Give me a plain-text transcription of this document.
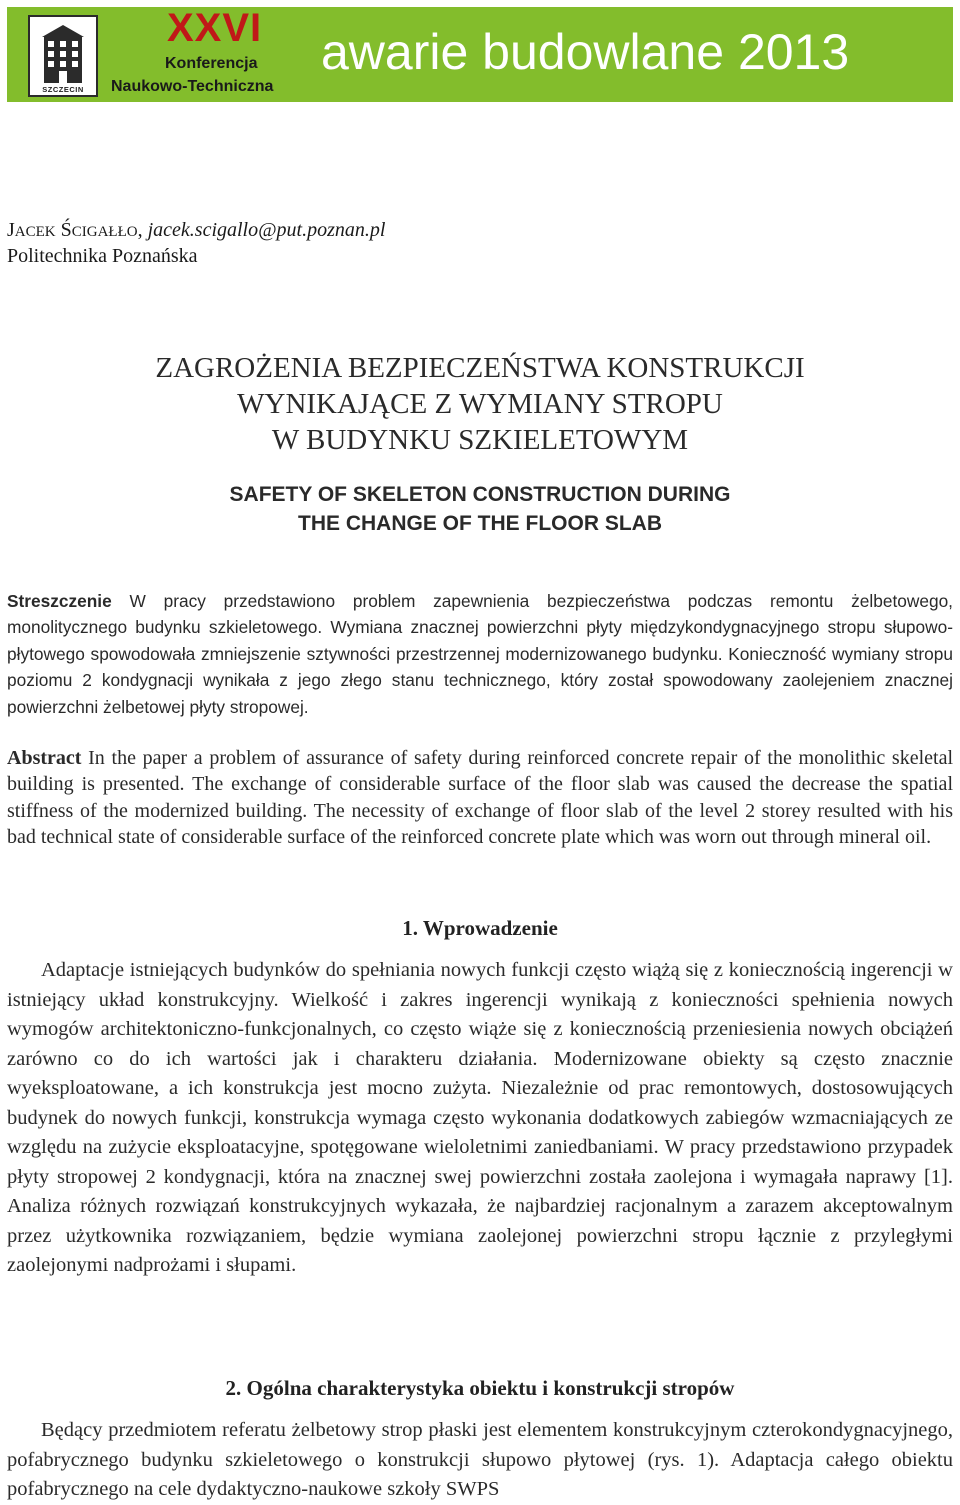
SZCZECIN
XXVI
Konferencja
Naukowo-Techniczna
awarie budowlane 2013
JACEK ŚCIGAŁŁO, jacek.scigallo@put.poznan.pl
Politechnika Poznańska
ZAGROŻENIA BEZPIECZEŃSTWA KONSTRUKCJI
WYNIKAJĄCE Z WYMIANY STROPU
W BUDYNKU SZKIELETOWYM
SAFETY OF SKELETON CONSTRUCTION DURING
THE CHANGE OF THE FLOOR SLAB
Streszczenie W pracy przedstawiono problem zapewnienia bezpieczeństwa podczas remontu żelbetowego, monolitycznego budynku szkieletowego. Wymiana znacznej powierzchni płyty międzykondygnacyjnego stropu słupowo-płytowego spowodowała zmniejszenie sztywności przestrzennej modernizowanego budynku. Konieczność wymiany stropu poziomu 2 kondygnacji wynikała z jego złego stanu technicznego, który został spowodowany zaolejeniem znacznej powierzchni żelbetowej płyty stropowej.
Abstract In the paper a problem of assurance of safety during reinforced concrete repair of the monolithic skeletal building is presented. The exchange of considerable surface of the floor slab was caused the decrease the spatial stiffness of the modernized building. The necessity of exchange of floor slab of the level 2 storey resulted with his bad technical state of considerable surface of the reinforced concrete plate which was worn out through mineral oil.
1. Wprowadzenie
Adaptacje istniejących budynków do spełniania nowych funkcji często wiążą się z koniecznością ingerencji w istniejący układ konstrukcyjny. Wielkość i zakres ingerencji wynikają z konieczności spełnienia nowych wymogów architektoniczno-funkcjonalnych, co często wiąże się z koniecznością przeniesienia nowych obciążeń zarówno co do ich wartości jak i charakteru działania. Modernizowane obiekty są często znacznie wyeksploatowane, a ich konstrukcja jest mocno zużyta. Niezależnie od prac remontowych, dostosowujących budynek do nowych funkcji, konstrukcja wymaga często wykonania dodatkowych zabiegów wzmacniających ze względu na zużycie eksploatacyjne, spotęgowane wieloletnimi zaniedbaniami. W pracy przedstawiono przypadek płyty stropowej 2 kondygnacji, która na znacznej swej powierzchni została zaolejona i wymagała naprawy [1]. Analiza różnych rozwiązań konstrukcyjnych wykazała, że najbardziej racjonalnym a zarazem akceptowalnym przez użytkownika rozwiązaniem, będzie wymiana zaolejonej powierzchni stropu łącznie z przyległymi zaolejonymi nadprożami i słupami.
2. Ogólna charakterystyka obiektu i konstrukcji stropów
Będący przedmiotem referatu żelbetowy strop płaski jest elementem konstrukcyjnym czterokondygnacyjnego, pofabrycznego budynku szkieletowego o konstrukcji słupowo płytowej (rys. 1). Adaptacja całego obiektu pofabrycznego na cele dydaktyczno-naukowe szkoły SWPS
